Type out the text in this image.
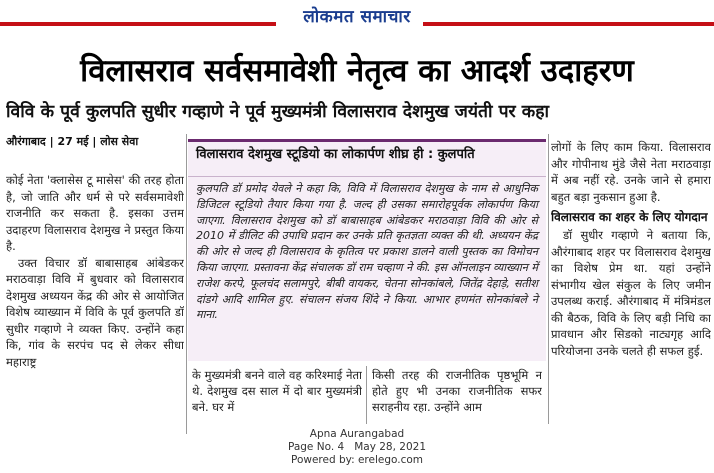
लोकमत समाचार
विलासराव सर्वसमावेशी नेतृत्व का आदर्श उदाहरण
विवि के पूर्व कुलपति सुधीर गव्हाणे ने पूर्व मुख्यमंत्री विलासराव देशमुख जयंती पर कहा
औरंगाबाद | 27 मई | लोस सेवा

कोई नेता 'क्लासेस टू मासेस' की तरह होता है, जो जाति और धर्म से परे सर्वसमावेशी राजनीति कर सकता है. इसका उत्तम उदाहरण विलासराव देशमुख ने प्रस्तुत किया है.

उक्त विचार डॉ बाबासाहब आंबेडकर मराठवाड़ा विवि में बुधवार को विलासराव देशमुख अध्ययन केंद्र की ओर से आयोजित विशेष व्याख्यान में विवि के पूर्व कुलपति डॉ सुधीर गव्हाणे ने व्यक्त किए. उन्होंने कहा कि, गांव के सरपंच पद से लेकर सीधा महाराष्ट्र

विलासराव देशमुख स्टूडियो का लोकार्पण शीघ्र ही : कुलपति
कुलपति डॉ प्रमोद येवले ने कहा कि, विवि में विलासराव देशमुख के नाम से आधुनिक डिजिटल स्टूडियो तैयार किया गया है. जल्द ही उसका समारोहपूर्वक लोकार्पण किया जाएगा. विलासराव देशमुख को डॉ बाबासाहब आंबेडकर मराठवाड़ा विवि की ओर से 2010 में डीलिट की उपाधि प्रदान कर उनके प्रति कृतज्ञता व्यक्त की थी. अध्ययन केंद्र की ओर से जल्द ही विलासराव के कृतित्व पर प्रकाश डालने वाली पुस्तक का विमोचन किया जाएगा. प्रस्तावना केंद्र संचालक डॉ राम चव्हाण ने की. इस ऑनलाइन व्याख्यान में राजेश करपे, फूलचंद सलामपुरे, बीबी वायकर, चेतना सोनकांबले, जितेंद्र देहाड़े, सतीश दांडगे आदि शामिल हुए. संचालन संजय शिंदे ने किया. आभार हणमंत सोनकांबले ने माना.
के मुख्यमंत्री बनने वाले वह करिश्माई नेता थे. देशमुख दस साल में दो बार मुख्यमंत्री बने. घर में
किसी तरह की राजनीतिक पृष्ठभूमि न होते हुए भी उनका राजनीतिक सफर सराहनीय रहा. उन्होंने आम

लोगों के लिए काम किया. विलासराव और गोपीनाथ मुंडे जैसे नेता मराठवाड़ा में अब नहीं रहे. उनके जाने से हमारा बहुत बड़ा नुकसान हुआ है.

विलासराव का शहर के लिए योगदान

डॉ सुधीर गव्हाणे ने बताया कि, औरंगाबाद शहर पर विलासराव देशमुख का विशेष प्रेम था. यहां उन्होंने संभागीय खेल संकुल के लिए जमीन उपलब्ध कराई. औरंगाबाद में मंत्रिमंडल की बैठक, विवि के लिए बड़ी निधि का प्रावधान और सिडको नाट्यगृह आदि परियोजना उनके चलते ही सफल हुई.

Apna Aurangabad
Page No. 4 May 28, 2021
Powered by: erelego.com
